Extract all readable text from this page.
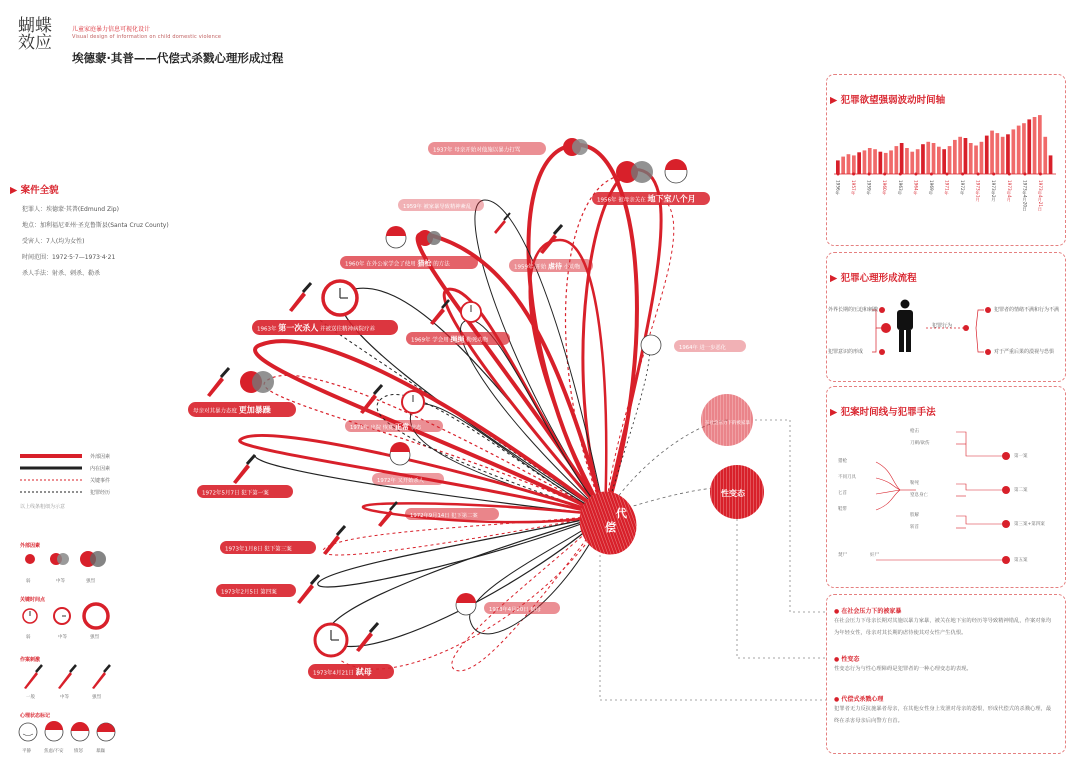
蝴蝶效应
儿童家庭暴力信息可视化设计
Visual design of information on child domestic violence
埃德蒙·其普——代偿式杀戮心理形成过程
▶ 案件全貌
犯罪人：埃德蒙·其普(Edmund Zip)
地点：加利福尼亚州·圣克鲁斯县(Santa Cruz County)
受害人：7人(均为女性)
时间范围：1972·5·7—1973·4·21
杀人手法：射杀、刺杀、勒杀
外部因素
内在因素
关键事件
犯罪经历
以上线条粗细为示意
外部因素
弱	中等	强烈
关键时间点
弱	中等	强烈
作案刺激
一般	中等	强烈
心理状态标记
平静	焦虑/不安 愤怒	暴躁
1937年 母亲开始对他施以暴力打骂
1956年 被母亲关在 地下室八个月
1959年 被家暴导致精神紊乱
1959年 开始 虐待 小动物
1960年 在外公家学会了使用 猎枪 的方法
1963年 第一次杀人 并被送往精神病院疗养
1969年 学会用 绳绳 勒死动物
1964年 进一步恶化
母亲对其暴力态度 更加暴躁
1971年 出院 恢复 正常 状态
1972年 又开始杀人
1972年5月7日 犯下第一案
1972年9月14日 犯下第二案
1973年1月8日 犯下第三案
1973年2月5日 第四案
1973年4月20日 弑母
1973年4月21日 弑母
代
偿
在社会压力下的被家暴
性变态
▶ 犯罪欲望强弱波动时间轴
1956年	1957年	1959年	1960年	1963年	1964年	1969年	1971年	1972年	1973年1月	1973年2月	1973年4月	1973年4月20日	1973年4月21日
▶ 犯罪心理形成流程
外界长期的压迫和刺激
犯罪意识的形成
犯罪行为
犯罪者的情绪不满和行为不满
对于严重后果的漠视与恐惧
▶ 犯案时间线与犯罪手法
猎枪
不同刀具
匕首
鞋带
枪击
刀刺/砍伤
勒死
窒息身亡
肢解
斩首
焚尸	奸尸
第一案
第二案
第三案+第四案
第五案
● 在社会压力下的被家暴
在社会压力下母亲长期对其施以暴力家暴，被关在地下室的经历等导致精神错乱，作案对象均为年轻女性，母亲对其长期的虐待使其对女性产生仇恨。
● 性变态
性变态行为与性心理障碍是犯罪者的一种心理变态的表现。
● 代偿式杀戮心理
犯罪者无力反抗施暴者母亲，在其他女性身上发泄对母亲的怨恨，形成代偿式的杀戮心理，最终在杀害母亲后向警方自首。
